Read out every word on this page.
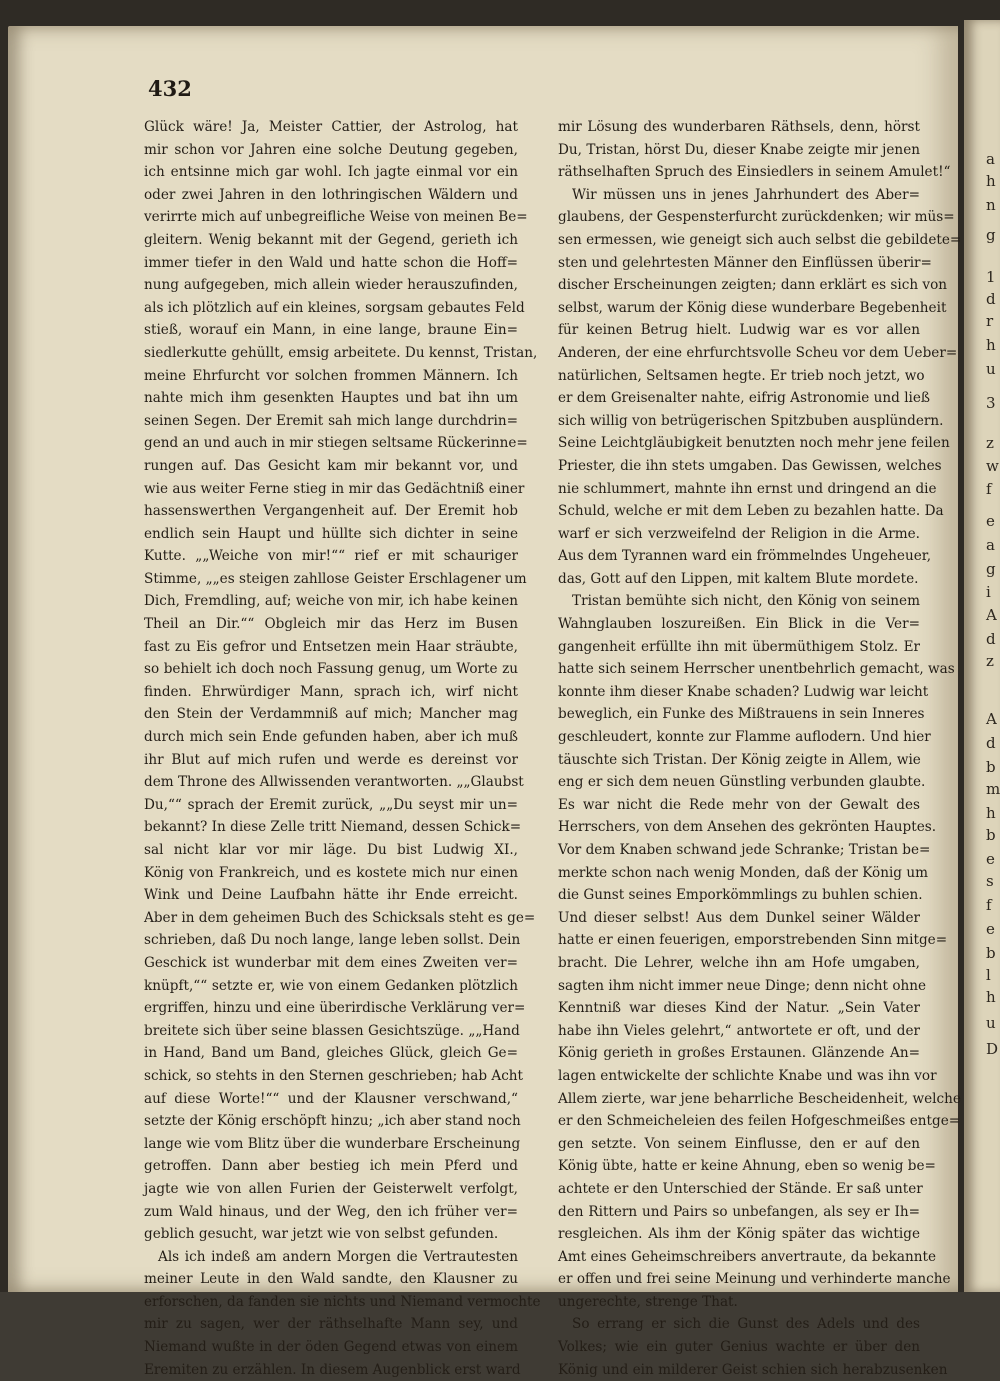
a
h
n
g
1
d
r
h
u
3
z
w
f
e
a
g
i
A
d
z
A
d
b
m
h
b
e
s
f
e
b
l
h
u
D
432
Glück wäre! Ja, Meister Cattier, der Astrolog, hat
mir schon vor Jahren eine solche Deutung gegeben,
ich entsinne mich gar wohl. Ich jagte einmal vor ein
oder zwei Jahren in den lothringischen Wäldern und
verirrte mich auf unbegreifliche Weise von meinen Be=
gleitern. Wenig bekannt mit der Gegend, gerieth ich
immer tiefer in den Wald und hatte schon die Hoff=
nung aufgegeben, mich allein wieder herauszufinden,
als ich plötzlich auf ein kleines, sorgsam gebautes Feld
stieß, worauf ein Mann, in eine lange, braune Ein=
siedlerkutte gehüllt, emsig arbeitete. Du kennst, Tristan,
meine Ehrfurcht vor solchen frommen Männern. Ich
nahte mich ihm gesenkten Hauptes und bat ihn um
seinen Segen. Der Eremit sah mich lange durchdrin=
gend an und auch in mir stiegen seltsame Rückerinne=
rungen auf. Das Gesicht kam mir bekannt vor, und
wie aus weiter Ferne stieg in mir das Gedächtniß einer
hassenswerthen Vergangenheit auf. Der Eremit hob
endlich sein Haupt und hüllte sich dichter in seine
Kutte. „„Weiche von mir!““ rief er mit schauriger
Stimme, „„es steigen zahllose Geister Erschlagener um
Dich, Fremdling, auf; weiche von mir, ich habe keinen
Theil an Dir.““ Obgleich mir das Herz im Busen
fast zu Eis gefror und Entsetzen mein Haar sträubte,
so behielt ich doch noch Fassung genug, um Worte zu
finden. Ehrwürdiger Mann, sprach ich, wirf nicht
den Stein der Verdammniß auf mich; Mancher mag
durch mich sein Ende gefunden haben, aber ich muß
ihr Blut auf mich rufen und werde es dereinst vor
dem Throne des Allwissenden verantworten. „„Glaubst
Du,““ sprach der Eremit zurück, „„Du seyst mir un=
bekannt? In diese Zelle tritt Niemand, dessen Schick=
sal nicht klar vor mir läge. Du bist Ludwig XI.,
König von Frankreich, und es kostete mich nur einen
Wink und Deine Laufbahn hätte ihr Ende erreicht.
Aber in dem geheimen Buch des Schicksals steht es ge=
schrieben, daß Du noch lange, lange leben sollst. Dein
Geschick ist wunderbar mit dem eines Zweiten ver=
knüpft,““ setzte er, wie von einem Gedanken plötzlich
ergriffen, hinzu und eine überirdische Verklärung ver=
breitete sich über seine blassen Gesichtszüge. „„Hand
in Hand, Band um Band, gleiches Glück, gleich Ge=
schick, so stehts in den Sternen geschrieben; hab Acht
auf diese Worte!““ und der Klausner verschwand,“
setzte der König erschöpft hinzu; „ich aber stand noch
lange wie vom Blitz über die wunderbare Erscheinung
getroffen. Dann aber bestieg ich mein Pferd und
jagte wie von allen Furien der Geisterwelt verfolgt,
zum Wald hinaus, und der Weg, den ich früher ver=
geblich gesucht, war jetzt wie von selbst gefunden.
Als ich indeß am andern Morgen die Vertrautesten
meiner Leute in den Wald sandte, den Klausner zu
erforschen, da fanden sie nichts und Niemand vermochte
mir zu sagen, wer der räthselhafte Mann sey, und
Niemand wußte in der öden Gegend etwas von einem
Eremiten zu erzählen. In diesem Augenblick erst ward
mir Lösung des wunderbaren Räthsels, denn, hörst
Du, Tristan, hörst Du, dieser Knabe zeigte mir jenen
räthselhaften Spruch des Einsiedlers in seinem Amulet!“
Wir müssen uns in jenes Jahrhundert des Aber=
glaubens, der Gespensterfurcht zurückdenken; wir müs=
sen ermessen, wie geneigt sich auch selbst die gebildete=
sten und gelehrtesten Männer den Einflüssen überir=
discher Erscheinungen zeigten; dann erklärt es sich von
selbst, warum der König diese wunderbare Begebenheit
für keinen Betrug hielt. Ludwig war es vor allen
Anderen, der eine ehrfurchtsvolle Scheu vor dem Ueber=
natürlichen, Seltsamen hegte. Er trieb noch jetzt, wo
er dem Greisenalter nahte, eifrig Astronomie und ließ
sich willig von betrügerischen Spitzbuben ausplündern.
Seine Leichtgläubigkeit benutzten noch mehr jene feilen
Priester, die ihn stets umgaben. Das Gewissen, welches
nie schlummert, mahnte ihn ernst und dringend an die
Schuld, welche er mit dem Leben zu bezahlen hatte. Da
warf er sich verzweifelnd der Religion in die Arme.
Aus dem Tyrannen ward ein frömmelndes Ungeheuer,
das, Gott auf den Lippen, mit kaltem Blute mordete.
Tristan bemühte sich nicht, den König von seinem
Wahnglauben loszureißen. Ein Blick in die Ver=
gangenheit erfüllte ihn mit übermüthigem Stolz. Er
hatte sich seinem Herrscher unentbehrlich gemacht, was
konnte ihm dieser Knabe schaden? Ludwig war leicht
beweglich, ein Funke des Mißtrauens in sein Inneres
geschleudert, konnte zur Flamme auflodern. Und hier
täuschte sich Tristan. Der König zeigte in Allem, wie
eng er sich dem neuen Günstling verbunden glaubte.
Es war nicht die Rede mehr von der Gewalt des
Herrschers, von dem Ansehen des gekrönten Hauptes.
Vor dem Knaben schwand jede Schranke; Tristan be=
merkte schon nach wenig Monden, daß der König um
die Gunst seines Emporkömmlings zu buhlen schien.
Und dieser selbst! Aus dem Dunkel seiner Wälder
hatte er einen feuerigen, emporstrebenden Sinn mitge=
bracht. Die Lehrer, welche ihn am Hofe umgaben,
sagten ihm nicht immer neue Dinge; denn nicht ohne
Kenntniß war dieses Kind der Natur. „Sein Vater
habe ihn Vieles gelehrt,“ antwortete er oft, und der
König gerieth in großes Erstaunen. Glänzende An=
lagen entwickelte der schlichte Knabe und was ihn vor
Allem zierte, war jene beharrliche Bescheidenheit, welche
er den Schmeicheleien des feilen Hofgeschmeißes entge=
gen setzte. Von seinem Einflusse, den er auf den
König übte, hatte er keine Ahnung, eben so wenig be=
achtete er den Unterschied der Stände. Er saß unter
den Rittern und Pairs so unbefangen, als sey er Ih=
resgleichen. Als ihm der König später das wichtige
Amt eines Geheimschreibers anvertraute, da bekannte
er offen und frei seine Meinung und verhinderte manche
ungerechte, strenge That.
So errang er sich die Gunst des Adels und des
Volkes; wie ein guter Genius wachte er über den
König und ein milderer Geist schien sich herabzusenken
